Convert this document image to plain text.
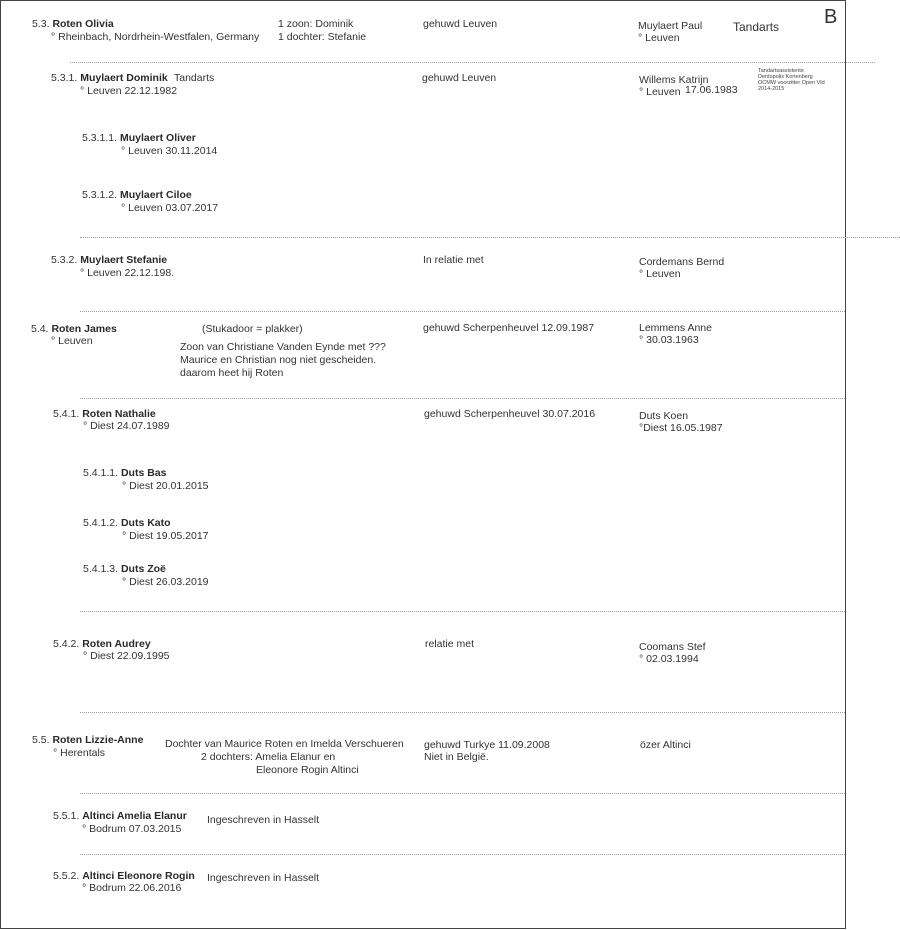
B
5.3. Roten Olivia
° Rheinbach, Nordrhein-Westfalen, Germany
1 zoon: Dominik
1 dochter: Stefanie
gehuwd Leuven	Muylaert Paul
° Leuven
Tandarts
5.3.1. Muylaert Dominik Tandarts
° Leuven 22.12.1982
gehuwd Leuven	Willems Katrijn
° Leuven 17.06.1983
Tandartsassistente
Dentopolis Kortenberg
OCMW voorzitter Open Vld
2014-2015
5.3.1.1. Muylaert Oliver
° Leuven 30.11.2014
5.3.1.2. Muylaert Ciloe
° Leuven 03.07.2017
5.3.2. Muylaert Stefanie
° Leuven 22.12.198.
In relatie met	Cordemans Bernd
° Leuven
5.4. Roten James
° Leuven
(Stukadoor = plakker)
Zoon van Christiane Vanden Eynde met ???
Maurice en Christian nog niet gescheiden.
daarom heet hij Roten
gehuwd Scherpenheuvel 12.09.1987	Lemmens Anne
° 30.03.1963
5.4.1. Roten Nathalie
° Diest 24.07.1989
gehuwd Scherpenheuvel 30.07.2016	Duts Koen
°Diest 16.05.1987
5.4.1.1. Duts Bas
° Diest 20.01.2015
5.4.1.2. Duts Kato
° Diest 19.05.2017
5.4.1.3. Duts Zoë
° Diest 26.03.2019
5.4.2. Roten Audrey
° Diest 22.09.1995
relatie met	Coomans Stef
° 02.03.1994
5.5. Roten Lizzie-Anne
° Herentals
Dochter van Maurice Roten en Imelda Verschueren
2 dochters: Amelia Elanur en
Eleonore Rogin Altinci
gehuwd Turkye 11.09.2008
Niet in België.
özer Altinci
5.5.1. Altinci Amelia Elanur
° Bodrum 07.03.2015
Ingeschreven in Hasselt
5.5.2. Altinci Eleonore Rogin
° Bodrum 22.06.2016
Ingeschreven in Hasselt
